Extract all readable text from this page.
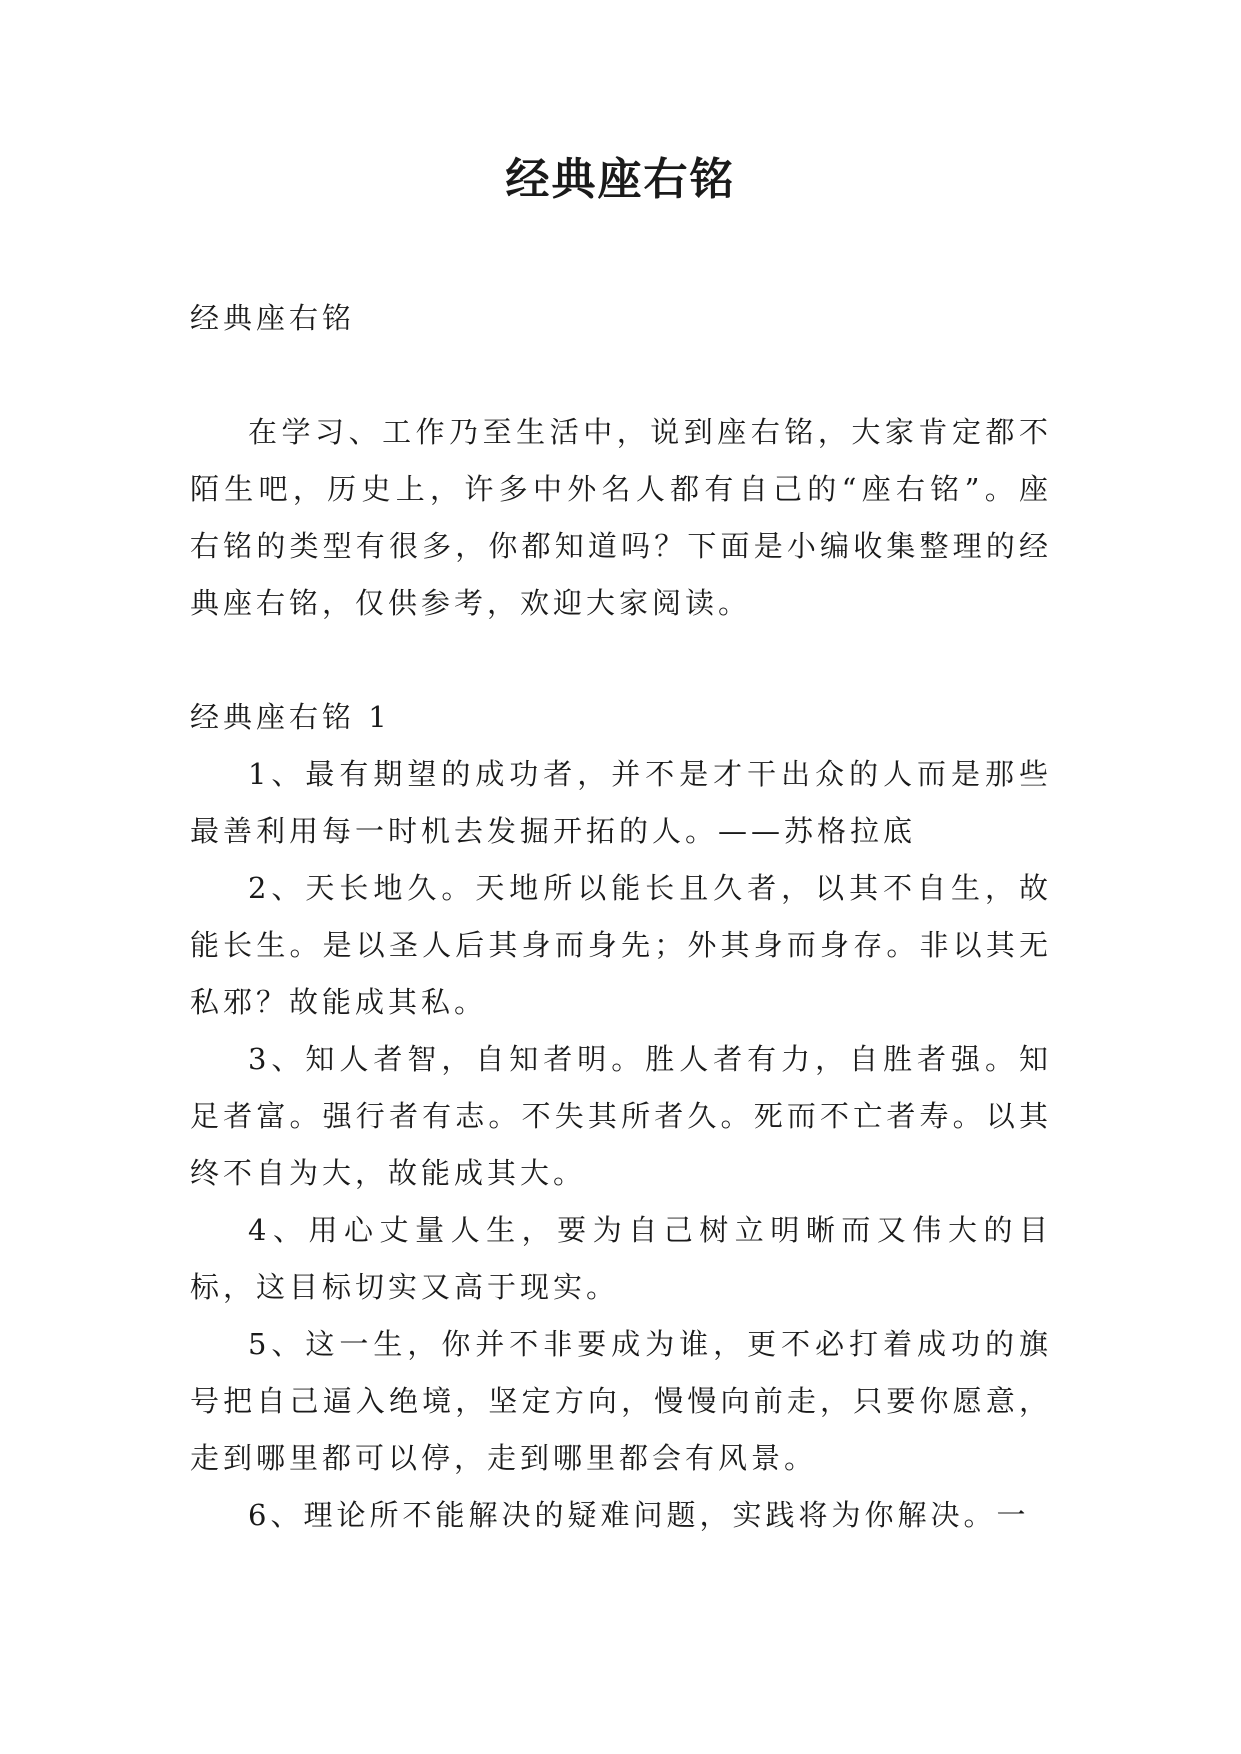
经典座右铭

经典座右铭

在学习、工作乃至生活中，说到座右铭，大家肯定都不陌生吧，历史上，许多中外名人都有自己的“座右铭”。座右铭的类型有很多，你都知道吗？下面是小编收集整理的经典座右铭，仅供参考，欢迎大家阅读。

经典座右铭 1

1、最有期望的成功者，并不是才干出众的人而是那些最善利用每一时机去发掘开拓的人。——苏格拉底

2、天长地久。天地所以能长且久者，以其不自生，故能长生。是以圣人后其身而身先；外其身而身存。非以其无私邪？故能成其私。

3、知人者智，自知者明。胜人者有力，自胜者强。知足者富。强行者有志。不失其所者久。死而不亡者寿。以其终不自为大，故能成其大。

4、用心丈量人生，要为自己树立明晰而又伟大的目标，这目标切实又高于现实。

5、这一生，你并不非要成为谁，更不必打着成功的旗号把自己逼入绝境，坚定方向，慢慢向前走，只要你愿意，走到哪里都可以停，走到哪里都会有风景。

6、理论所不能解决的疑难问题，实践将为你解决。一
